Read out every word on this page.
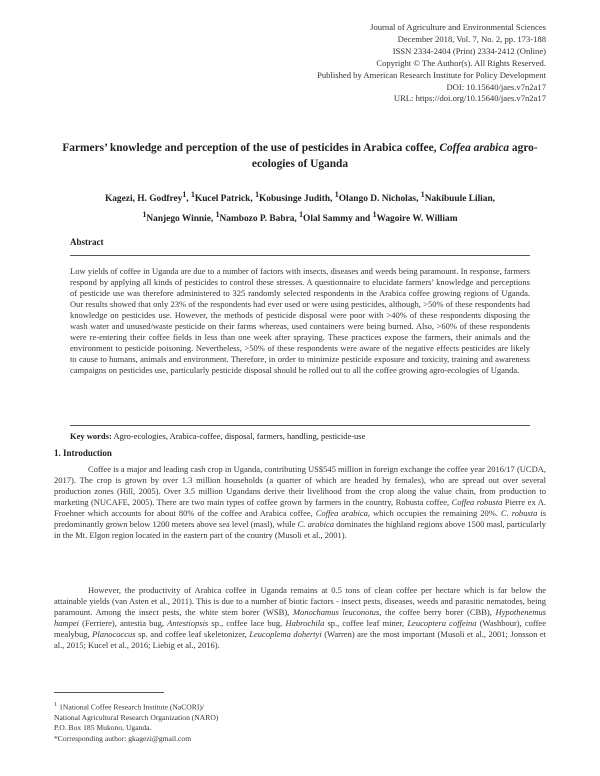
Journal of Agriculture and Environmental Sciences
December 2018, Vol. 7, No. 2, pp. 173-188
ISSN 2334-2404 (Print) 2334-2412 (Online)
Copyright © The Author(s). All Rights Reserved.
Published by American Research Institute for Policy Development
DOI: 10.15640/jaes.v7n2a17
URL: https://doi.org/10.15640/jaes.v7n2a17
Farmers’ knowledge and perception of the use of pesticides in Arabica coffee, Coffea arabica agro-ecologies of Uganda
Kagezi, H. Godfrey$^1$, $^1$Kucel Patrick, $^1$Kobusinge Judith, $^1$Olango D. Nicholas, $^1$Nakibuule Lilian,
$^1$Nanjego Winnie, $^1$Nambozo P. Babra, $^1$Olal Sammy and $^1$Wagoire W. William
Abstract
Low yields of coffee in Uganda are due to a number of factors with insects, diseases and weeds being paramount. In response, farmers respond by applying all kinds of pesticides to control these stresses. A questionnaire to elucidate farmers’ knowledge and perceptions of pesticide use was therefore administered to 325 randomly selected respondents in the Arabica coffee growing regions of Uganda. Our results showed that only 23% of the respondents had ever used or were using pesticides, although, >50% of these respondents had knowledge on pesticides use. However, the methods of pesticide disposal were poor with >40% of these respondents disposing the wash water and unused/waste pesticide on their farms whereas, used containers were being burned. Also, >60% of these respondents were re-entering their coffee fields in less than one week after spraying. These practices expose the farmers, their animals and the environment to pesticide poisoning. Nevertheless, >50% of these respondents were aware of the negative effects pesticides are likely to cause to humans, animals and environment. Therefore, in order to minimize pesticide exposure and toxicity, training and awareness campaigns on pesticides use, particularly pesticide disposal should be rolled out to all the coffee growing agro-ecologies of Uganda.
Key words: Agro-ecologies, Arabica-coffee, disposal, farmers, handling, pesticide-use
1. Introduction
Coffee is a major and leading cash crop in Uganda, contributing US$545 million in foreign exchange the coffee year 2016/17 (UCDA, 2017). The crop is grown by over 1.3 million households (a quarter of which are headed by females), who are spread out over several production zones (Hill, 2005). Over 3.5 million Ugandans derive their livelihood from the crop along the value chain, from production to marketing (NUCAFE, 2005). There are two main types of coffee grown by farmers in the country, Robusta coffee, Coffea robusta Pierre ex A. Froehner which accounts for about 80% of the coffee and Arabica coffee, Coffea arabica, which occupies the remaining 20%. C. robusta is predominantly grown below 1200 meters above sea level (masl), while C. arabica dominates the highland regions above 1500 masl, particularly in the Mt. Elgon region located in the eastern part of the country (Musoli et al., 2001).
However, the productivity of Arabica coffee in Uganda remains at 0.5 tons of clean coffee per hectare which is far below the attainable yields (van Asten et al., 2011). This is due to a number of biotic factors - insect pests, diseases, weeds and parasitic nematodes, being paramount. Among the insect pests, the white stem borer (WSB), Monochamus leuconotus, the coffee berry borer (CBB), Hypothenemus hampei (Ferriere), antestia bug, Antestiopsis sp., coffee lace bug, Habrochila sp., coffee leaf miner, Leucoptera coffeina (Washbour), coffee mealybug, Planococcus sp. and coffee leaf skeletonizer, Leucoplema dohertyi (Warren) are the most important (Musoli et al., 2001; Jonsson et al., 2015; Kucel et al., 2016; Liebig et al., 2016).
$^1$ 1National Coffee Research Institute (NaCORI)/
National Agricultural Research Organization (NARO)
P.O. Box 185 Mukono, Uganda.
*Corresponding author: gkagezi@gmail.com
